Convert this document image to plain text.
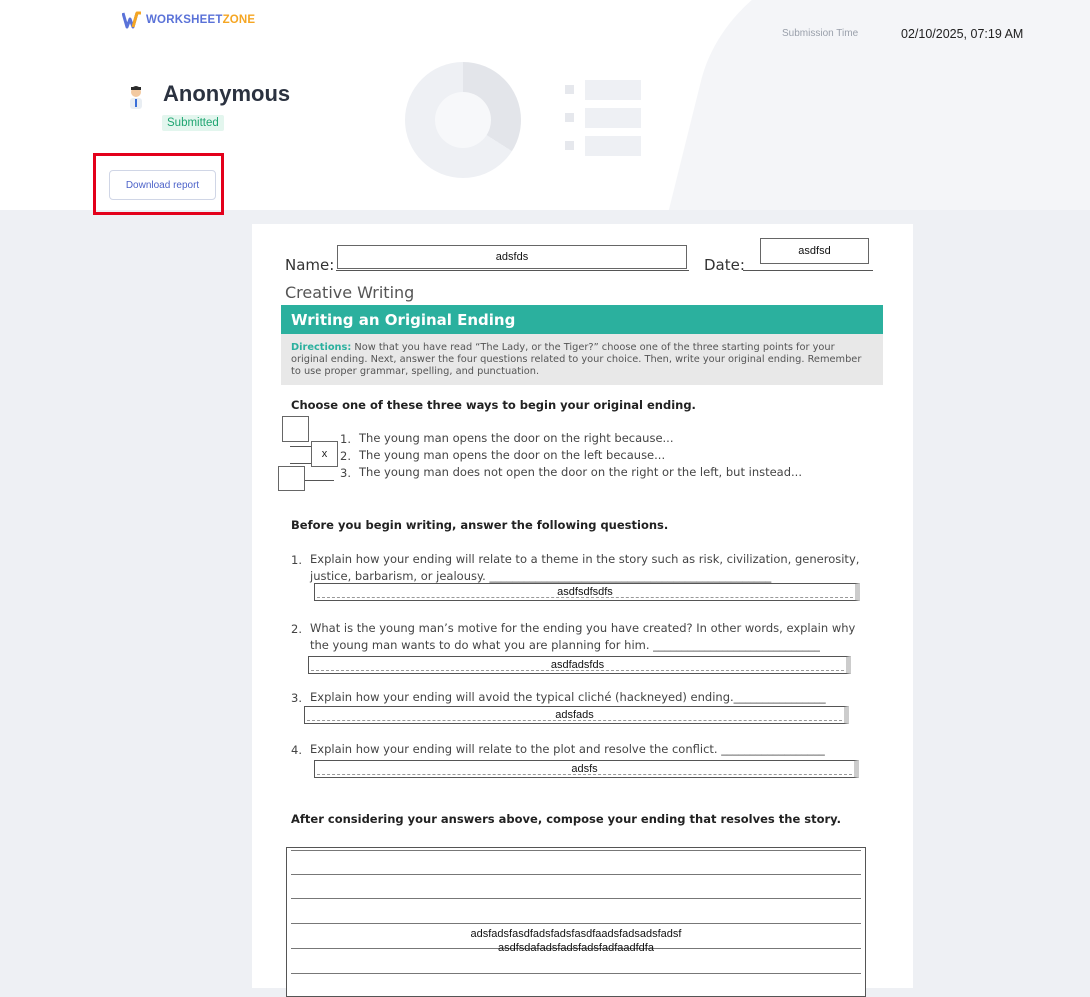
WORKSHEETZONE
Submission Time	02/10/2025, 07:19 AM
Anonymous
Submitted
Download report
Name:	adsfds	Date:
asdfsd
Creative Writing
Writing an Original Ending
Directions: Now that you have read “The Lady, or the Tiger?” choose one of the three starting points for your original ending. Next, answer the four questions related to your choice. Then, write your original ending. Remember to use proper grammar, spelling, and punctuation.
Choose one of these three ways to begin your original ending.
1. The young man opens the door on the right because...
2. The young man opens the door on the left because...
x
3. The young man does not open the door on the right or the left, but instead...
Before you begin writing, answer the following questions.
1. Explain how your ending will relate to a theme in the story such as risk, civilization, generosity,
justice, barbarism, or jealousy. _________________________________________________
asdfsdfsdfs
2. What is the young man’s motive for the ending you have created? In other words, explain why
the young man wants to do what you are planning for him. _____________________________
asdfadsfds
3. Explain how your ending will avoid the typical cliché (hackneyed) ending.________________
adsfads
4. Explain how your ending will relate to the plot and resolve the conflict. __________________
adsfs
After considering your answers above, compose your ending that resolves the story.
adsfadsfasdfadsfadsfasdfaadsfadsadsfadsf
asdfsdafadsfadsfadsfadfaadfdfa
